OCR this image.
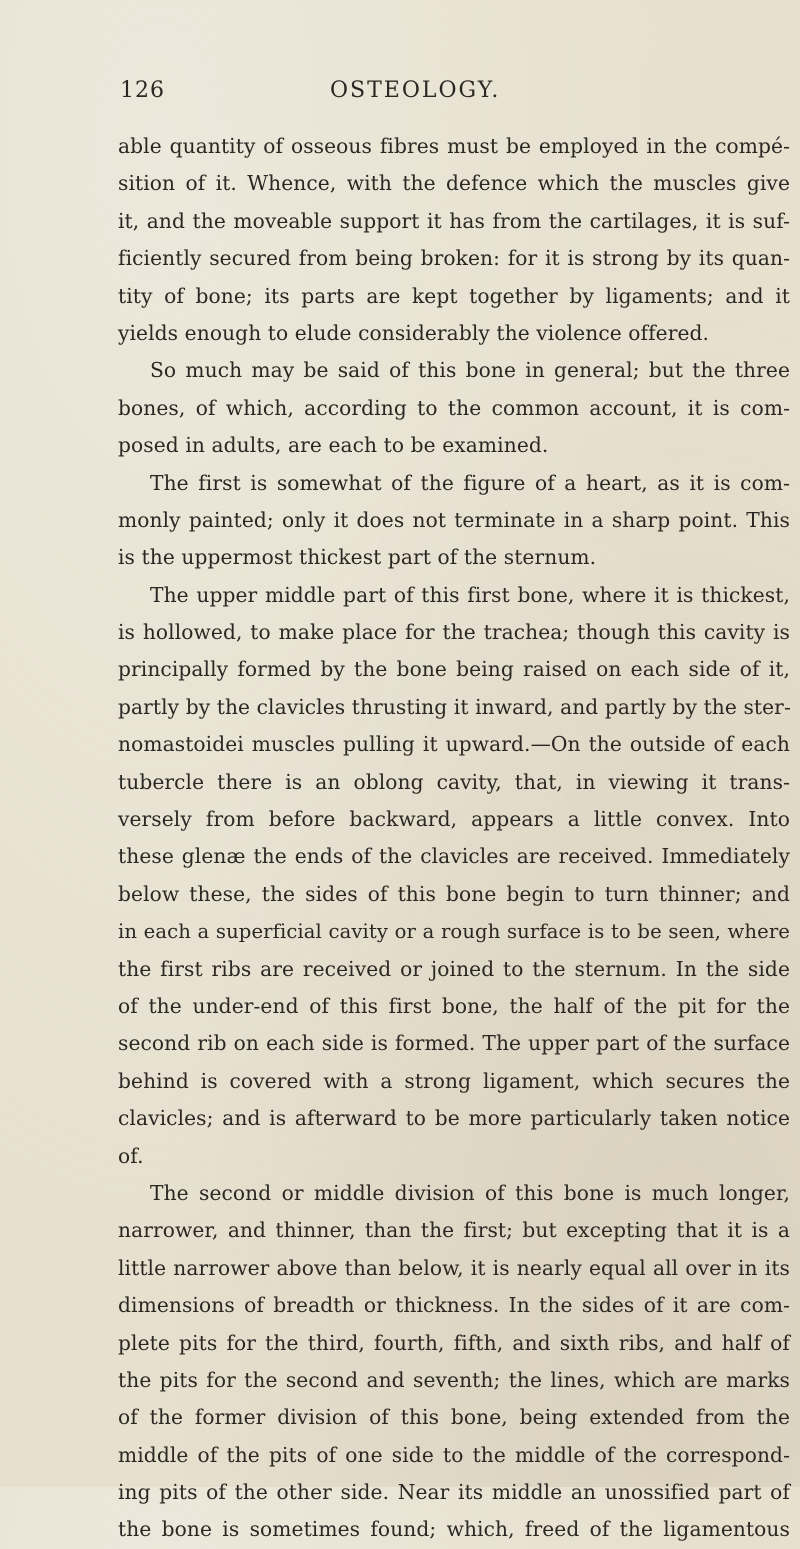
126	OSTEOLOGY.
able quantity of osseous fibres must be employed in the compé-
sition of it. Whence, with the defence which the muscles give
it, and the moveable support it has from the cartilages, it is suf-
ficiently secured from being broken: for it is strong by its quan-
tity of bone; its parts are kept together by ligaments; and it
yields enough to elude considerably the violence offered.
So much may be said of this bone in general; but the three
bones, of which, according to the common account, it is com-
posed in adults, are each to be examined.
The first is somewhat of the figure of a heart, as it is com-
monly painted; only it does not terminate in a sharp point. This
is the uppermost thickest part of the sternum.
The upper middle part of this first bone, where it is thickest,
is hollowed, to make place for the trachea; though this cavity is
principally formed by the bone being raised on each side of it,
partly by the clavicles thrusting it inward, and partly by the ster-
nomastoidei muscles pulling it upward.—On the outside of each
tubercle there is an oblong cavity, that, in viewing it trans-
versely from before backward, appears a little convex. Into
these glenæ the ends of the clavicles are received. Immediately
below these, the sides of this bone begin to turn thinner; and
in each a superficial cavity or a rough surface is to be seen, where
the first ribs are received or joined to the sternum. In the side
of the under-end of this first bone, the half of the pit for the
second rib on each side is formed. The upper part of the surface
behind is covered with a strong ligament, which secures the
clavicles; and is afterward to be more particularly taken notice
of.
The second or middle division of this bone is much longer,
narrower, and thinner, than the first; but excepting that it is a
little narrower above than below, it is nearly equal all over in its
dimensions of breadth or thickness. In the sides of it are com-
plete pits for the third, fourth, fifth, and sixth ribs, and half of
the pits for the second and seventh; the lines, which are marks
of the former division of this bone, being extended from the
middle of the pits of one side to the middle of the correspond-
ing pits of the other side. Near its middle an unossified part of
the bone is sometimes found; which, freed of the ligamentous
